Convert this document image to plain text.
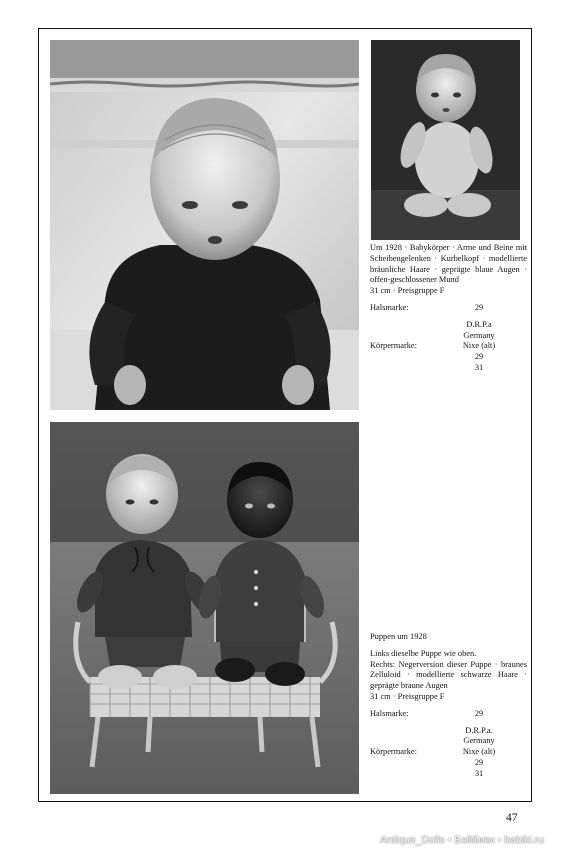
Um 1928 · Babykörper · Arme und Beine mit Scheibengelenken · Kurbelkopf · modellierte bräunliche Haare · geprägte blaue Augen · offen-geschlossener Mund

31 cm · Preisgruppe F

Halsmarke:	29
Körpermarke:
D.R.P.a
Germany
Nixe (alt)
29
31

Puppen um 1928

Links dieselbe Puppe wie oben.

Rechts: Negerversion dieser Puppe · braunes Zelluloid · modellierte schwarze Haare · geprägte braune Augen

31 cm · Preisgruppe F

Halsmarke:	29
Körpermarke:
D.R.P.a.
Germany
Nixe (alt)
29
31
47
Antique_Dolls • Бэйбики • babiki.ru
